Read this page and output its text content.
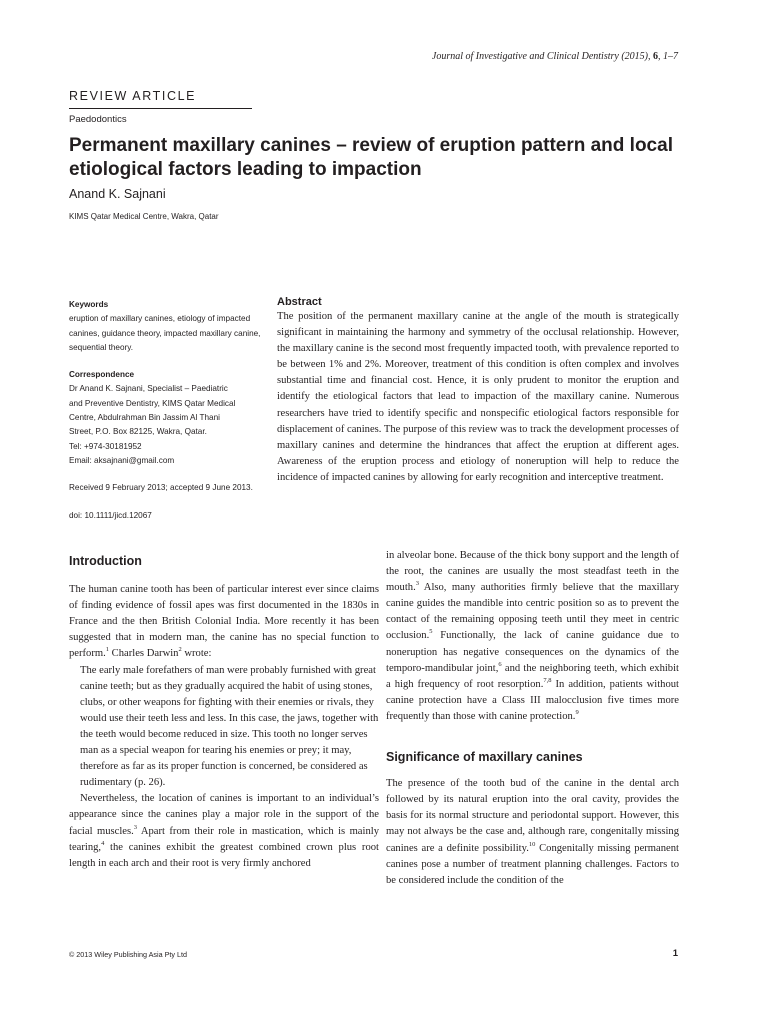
Journal of Investigative and Clinical Dentistry (2015), 6, 1–7
REVIEW ARTICLE
Paedodontics
Permanent maxillary canines – review of eruption pattern and local etiological factors leading to impaction
Anand K. Sajnani
KIMS Qatar Medical Centre, Wakra, Qatar
Keywords
eruption of maxillary canines, etiology of impacted canines, guidance theory, impacted maxillary canine, sequential theory.
Correspondence
Dr Anand K. Sajnani, Specialist – Paediatric
and Preventive Dentistry, KIMS Qatar Medical
Centre, Abdulrahman Bin Jassim Al Thani
Street, P.O. Box 82125, Wakra, Qatar.
Tel: +974-30181952
Email: aksajnani@gmail.com
Received 9 February 2013; accepted 9 June 2013.
doi: 10.1111/jicd.12067
Abstract

The position of the permanent maxillary canine at the angle of the mouth is strategically significant in maintaining the harmony and symmetry of the occlusal relationship. However, the maxillary canine is the second most frequently impacted tooth, with prevalence reported to be between 1% and 2%. Moreover, treatment of this condition is often complex and involves substantial time and financial cost. Hence, it is only prudent to monitor the eruption and identify the etiological factors that lead to impaction of the maxillary canine. Numerous researchers have tried to identify specific and nonspecific etiological factors responsible for displacement of canines. The purpose of this review was to track the development processes of maxillary canines and determine the hindrances that affect the eruption at different ages. Awareness of the eruption process and etiology of noneruption will help to reduce the incidence of impacted canines by allowing for early recognition and interceptive treatment.

Introduction

The human canine tooth has been of particular interest ever since claims of finding evidence of fossil apes was first documented in the 1830s in France and the then British Colonial India. More recently it has been suggested that in modern man, the canine has no special function to perform.$^1$ Charles Darwin$^2$ wrote:

The early male forefathers of man were probably furnished with great canine teeth; but as they gradually acquired the habit of using stones, clubs, or other weapons for fighting with their enemies or rivals, they would use their teeth less and less. In this case, the jaws, together with the teeth would become reduced in size. This tooth no longer serves man as a special weapon for tearing his enemies or prey; it may, therefore as far as its proper function is concerned, be considered as rudimentary (p. 26).

Nevertheless, the location of canines is important to an individual’s appearance since the canines play a major role in the support of the facial muscles.$^3$ Apart from their role in mastication, which is mainly tearing,$^4$ the canines exhibit the greatest combined crown plus root length in each arch and their root is very firmly anchored

in alveolar bone. Because of the thick bony support and the length of the root, the canines are usually the most steadfast teeth in the mouth.$^3$ Also, many authorities firmly believe that the maxillary canine guides the mandible into centric position so as to prevent the contact of the remaining opposing teeth until they meet in centric occlusion.$^5$ Functionally, the lack of canine guidance due to noneruption has negative consequences on the dynamics of the temporo-mandibular joint,$^6$ and the neighboring teeth, which exhibit a high frequency of root resorption.$^{7,8}$ In addition, patients without canine protection have a Class III malocclusion five times more frequently than those with canine protection.$^9$

Significance of maxillary canines

The presence of the tooth bud of the canine in the dental arch followed by its natural eruption into the oral cavity, provides the basis for its normal structure and periodontal support. However, this may not always be the case and, although rare, congenitally missing canines are a definite possibility.$^{10}$ Congenitally missing permanent canines pose a number of treatment planning challenges. Factors to be considered include the condition of the

© 2013 Wiley Publishing Asia Pty Ltd	1
